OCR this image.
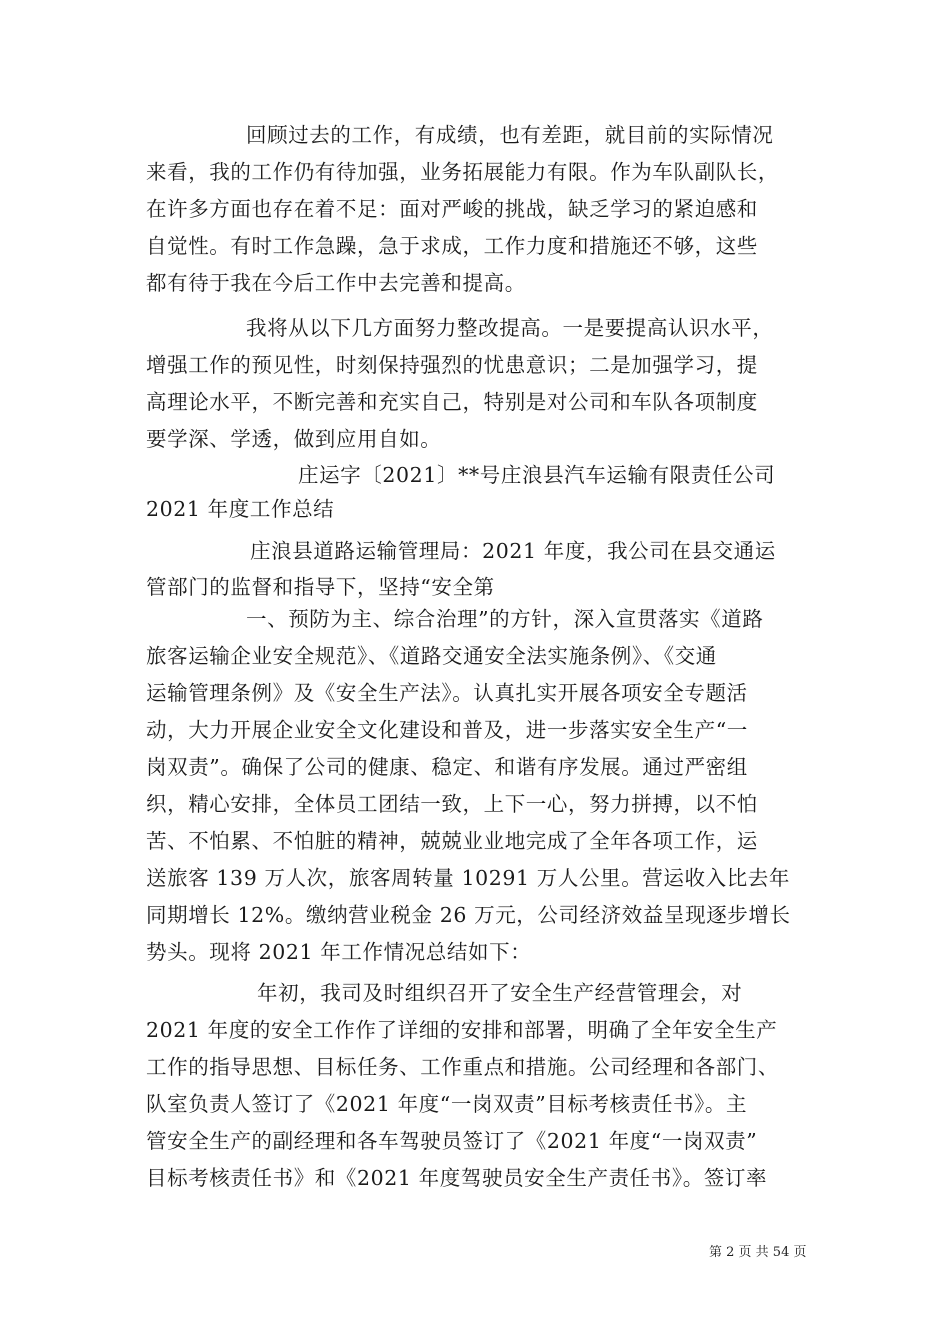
回顾过去的工作，有成绩，也有差距，就目前的实际情况
来看，我的工作仍有待加强，业务拓展能力有限。作为车队副队长，
在许多方面也存在着不足：面对严峻的挑战，缺乏学习的紧迫感和
自觉性。有时工作急躁，急于求成，工作力度和措施还不够，这些
都有待于我在今后工作中去完善和提高。
我将从以下几方面努力整改提高。一是要提高认识水平，
增强工作的预见性，时刻保持强烈的忧患意识；二是加强学习，提
高理论水平，不断完善和充实自己，特别是对公司和车队各项制度
要学深、学透，做到应用自如。
庄运字〔2021〕**号庄浪县汽车运输有限责任公司
2021 年度工作总结
庄浪县道路运输管理局：2021 年度，我公司在县交通运
管部门的监督和指导下，坚持“安全第
一、预防为主、综合治理”的方针，深入宣贯落实《道路
旅客运输企业安全规范》、《道路交通安全法实施条例》、《交通
运输管理条例》及《安全生产法》。认真扎实开展各项安全专题活
动，大力开展企业安全文化建设和普及，进一步落实安全生产“一
岗双责”。确保了公司的健康、稳定、和谐有序发展。通过严密组
织，精心安排，全体员工团结一致，上下一心，努力拼搏，以不怕
苦、不怕累、不怕脏的精神，兢兢业业地完成了全年各项工作，运
送旅客 139 万人次，旅客周转量 10291 万人公里。营运收入比去年
同期增长 12%。缴纳营业税金 26 万元，公司经济效益呈现逐步增长
势头。现将 2021 年工作情况总结如下：
年初，我司及时组织召开了安全生产经营管理会，对
2021 年度的安全工作作了详细的安排和部署，明确了全年安全生产
工作的指导思想、目标任务、工作重点和措施。公司经理和各部门、
队室负责人签订了《2021 年度“一岗双责”目标考核责任书》。主
管安全生产的副经理和各车驾驶员签订了《2021 年度“一岗双责”
目标考核责任书》和《2021 年度驾驶员安全生产责任书》。签订率
第 2 页 共 54 页
